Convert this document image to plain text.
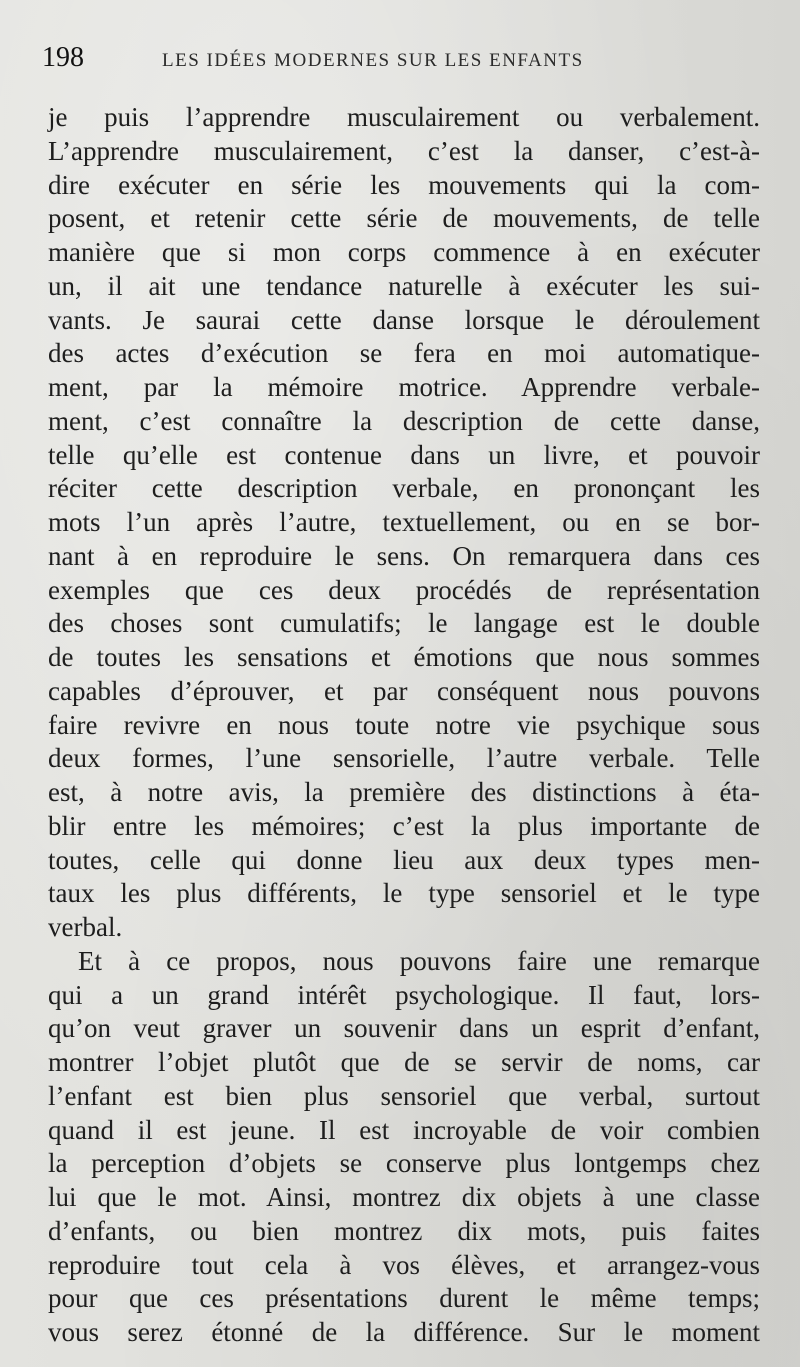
198	LES IDÉES MODERNES SUR LES ENFANTS
je puis l’apprendre musculairement ou verbalement.
L’apprendre musculairement, c’est la danser, c’est-à-
dire exécuter en série les mouvements qui la com-
posent, et retenir cette série de mouvements, de telle
manière que si mon corps commence à en exécuter
un, il ait une tendance naturelle à exécuter les sui-
vants. Je saurai cette danse lorsque le déroulement
des actes d’exécution se fera en moi automatique-
ment, par la mémoire motrice. Apprendre verbale-
ment, c’est connaître la description de cette danse,
telle qu’elle est contenue dans un livre, et pouvoir
réciter cette description verbale, en prononçant les
mots l’un après l’autre, textuellement, ou en se bor-
nant à en reproduire le sens. On remarquera dans ces
exemples que ces deux procédés de représentation
des choses sont cumulatifs; le langage est le double
de toutes les sensations et émotions que nous sommes
capables d’éprouver, et par conséquent nous pouvons
faire revivre en nous toute notre vie psychique sous
deux formes, l’une sensorielle, l’autre verbale. Telle
est, à notre avis, la première des distinctions à éta-
blir entre les mémoires; c’est la plus importante de
toutes, celle qui donne lieu aux deux types men-
taux les plus différents, le type sensoriel et le type
verbal.
Et à ce propos, nous pouvons faire une remarque
qui a un grand intérêt psychologique. Il faut, lors-
qu’on veut graver un souvenir dans un esprit d’enfant,
montrer l’objet plutôt que de se servir de noms, car
l’enfant est bien plus sensoriel que verbal, surtout
quand il est jeune. Il est incroyable de voir combien
la perception d’objets se conserve plus lontgemps chez
lui que le mot. Ainsi, montrez dix objets à une classe
d’enfants, ou bien montrez dix mots, puis faites
reproduire tout cela à vos élèves, et arrangez-vous
pour que ces présentations durent le même temps;
vous serez étonné de la différence. Sur le moment
